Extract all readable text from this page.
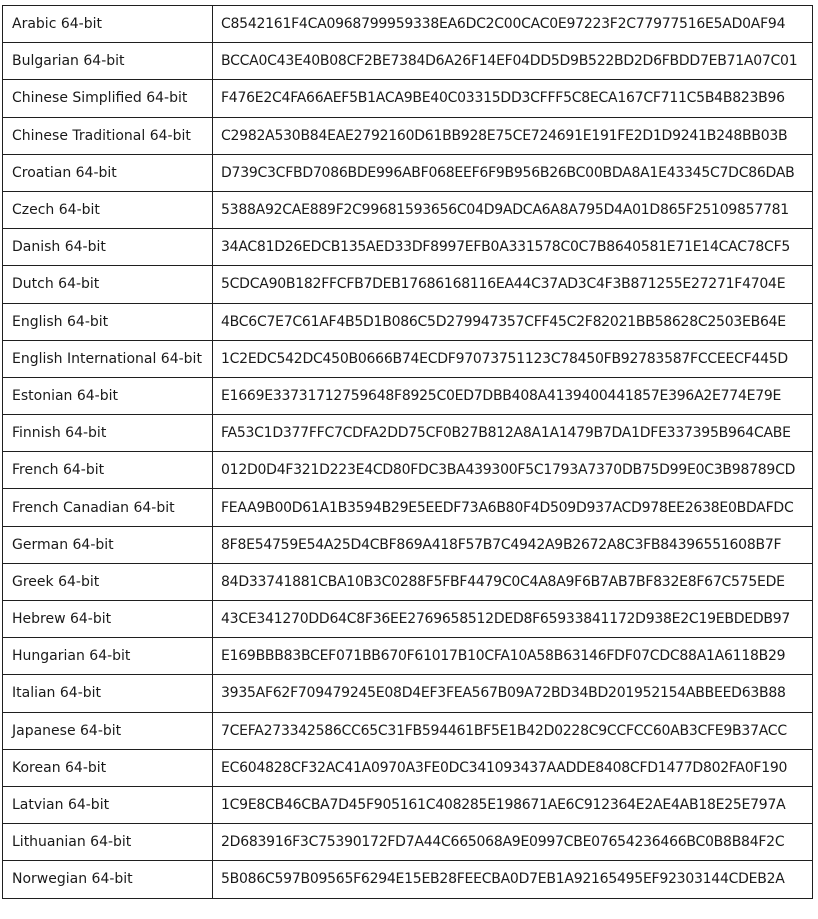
Arabic 64-bit	C8542161F4CA0968799959338EA6DC2C00CAC0E97223F2C77977516E5AD0AF94
Bulgarian 64-bit	BCCA0C43E40B08CF2BE7384D6A26F14EF04DD5D9B522BD2D6FBDD7EB71A07C01
Chinese Simplified 64-bit	F476E2C4FA66AEF5B1ACA9BE40C03315DD3CFFF5C8ECA167CF711C5B4B823B96
Chinese Traditional 64-bit	C2982A530B84EAE2792160D61BB928E75CE724691E191FE2D1D9241B248BB03B
Croatian 64-bit	D739C3CFBD7086BDE996ABF068EEF6F9B956B26BC00BDA8A1E43345C7DC86DAB
Czech 64-bit	5388A92CAE889F2C99681593656C04D9ADCA6A8A795D4A01D865F25109857781
Danish 64-bit	34AC81D26EDCB135AED33DF8997EFB0A331578C0C7B8640581E71E14CAC78CF5
Dutch 64-bit	5CDCA90B182FFCFB7DEB17686168116EA44C37AD3C4F3B871255E27271F4704E
English 64-bit	4BC6C7E7C61AF4B5D1B086C5D279947357CFF45C2F82021BB58628C2503EB64E
English International 64-bit	1C2EDC542DC450B0666B74ECDF97073751123C78450FB92783587FCCEECF445D
Estonian 64-bit	E1669E33731712759648F8925C0ED7DBB408A4139400441857E396A2E774E79E
Finnish 64-bit	FA53C1D377FFC7CDFA2DD75CF0B27B812A8A1A1479B7DA1DFE337395B964CABE
French 64-bit	012D0D4F321D223E4CD80FDC3BA439300F5C1793A7370DB75D99E0C3B98789CD
French Canadian 64-bit	FEAA9B00D61A1B3594B29E5EEDF73A6B80F4D509D937ACD978EE2638E0BDAFDC
German 64-bit	8F8E54759E54A25D4CBF869A418F57B7C4942A9B2672A8C3FB84396551608B7F
Greek 64-bit	84D33741881CBA10B3C0288F5FBF4479C0C4A8A9F6B7AB7BF832E8F67C575EDE
Hebrew 64-bit	43CE341270DD64C8F36EE2769658512DED8F65933841172D938E2C19EBDEDB97
Hungarian 64-bit	E169BBB83BCEF071BB670F61017B10CFA10A58B63146FDF07CDC88A1A6118B29
Italian 64-bit	3935AF62F709479245E08D4EF3FEA567B09A72BD34BD201952154ABBEED63B88
Japanese 64-bit	7CEFA273342586CC65C31FB594461BF5E1B42D0228C9CCFCC60AB3CFE9B37ACC
Korean 64-bit	EC604828CF32AC41A0970A3FE0DC341093437AADDE8408CFD1477D802FA0F190
Latvian 64-bit	1C9E8CB46CBA7D45F905161C408285E198671AE6C912364E2AE4AB18E25E797A
Lithuanian 64-bit	2D683916F3C75390172FD7A44C665068A9E0997CBE07654236466BC0B8B84F2C
Norwegian 64-bit	5B086C597B09565F6294E15EB28FEECBA0D7EB1A92165495EF92303144CDEB2A
